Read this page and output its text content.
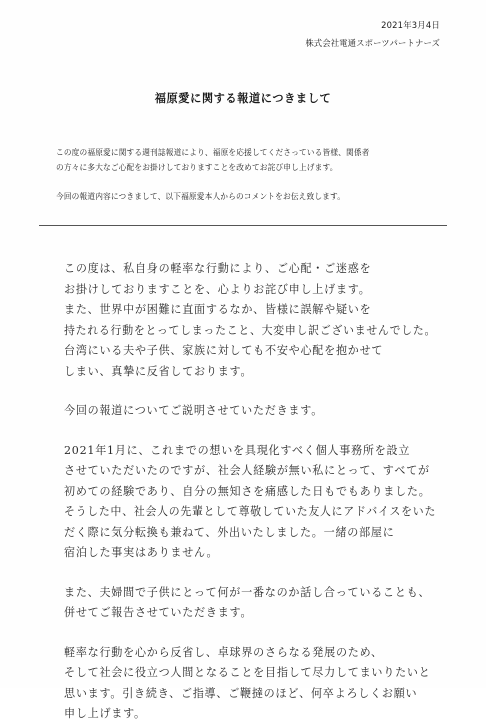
2021年3月4日
株式会社電通スポーツパートナーズ
福原愛に関する報道につきまして
この度の福原愛に関する週刊誌報道により、福原を応援してくださっている皆様、関係者
の方々に多大なご心配をお掛けしておりますことを改めてお詫び申し上げます。
今回の報道内容につきまして、以下福原愛本人からのコメントをお伝え致します。
この度は、私自身の軽率な行動により、ご心配・ご迷惑を
お掛けしておりますことを、心よりお詫び申し上げます。
また、世界中が困難に直面するなか、皆様に誤解や疑いを
持たれる行動をとってしまったこと、大変申し訳ございませんでした。
台湾にいる夫や子供、家族に対しても不安や心配を抱かせて
しまい、真摯に反省しております。
今回の報道についてご説明させていただきます。
2021年1月に、これまでの想いを具現化すべく個人事務所を設立
させていただいたのですが、社会人経験が無い私にとって、すべてが
初めての経験であり、自分の無知さを痛感した日もでもありました。
そうした中、社会人の先輩として尊敬していた友人にアドバイスをいた
だく際に気分転換も兼ねて、外出いたしました。一緒の部屋に
宿泊した事実はありません。
また、夫婦間で子供にとって何が一番なのか話し合っていることも、
併せてご報告させていただきます。
軽率な行動を心から反省し、卓球界のさらなる発展のため、
そして社会に役立つ人間となることを目指して尽力してまいりたいと
思います。引き続き、ご指導、ご鞭撻のほど、何卒よろしくお願い
申し上げます。
